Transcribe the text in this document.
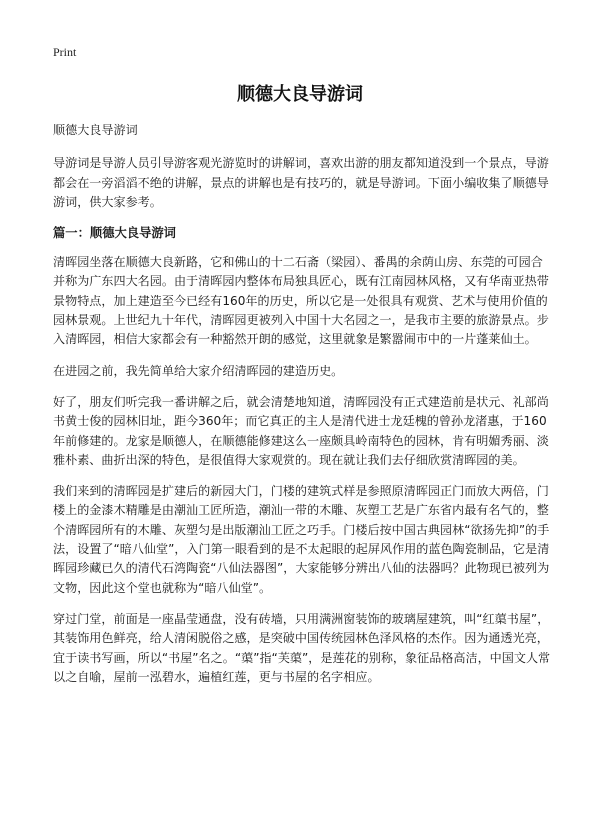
Print
顺德大良导游词

顺德大良导游词

导游词是导游人员引导游客观光游览时的讲解词，喜欢出游的朋友都知道没到一个景点，导游都会在一旁滔滔不绝的讲解，景点的讲解也是有技巧的，就是导游词。下面小编收集了顺德导游词，供大家参考。

篇一：顺德大良导游词

清晖园坐落在顺德大良新路，它和佛山的十二石斋（梁园）、番禺的余荫山房、东莞的可园合并称为广东四大名园。由于清晖园内整体布局独具匠心，既有江南园林风格，又有华南亚热带景物特点，加上建造至今已经有160年的历史，所以它是一处很具有观赏、艺术与使用价值的园林景观。上世纪九十年代，清晖园更被列入中国十大名园之一，是我市主要的旅游景点。步入清晖园，相信大家都会有一种豁然开朗的感觉，这里就象是繁嚣闹市中的一片蓬莱仙土。

在进园之前，我先简单给大家介绍清晖园的建造历史。

好了，朋友们听完我一番讲解之后，就会清楚地知道，清晖园没有正式建造前是状元、礼部尚书黄士俊的园林旧址，距今360年；而它真正的主人是清代进士龙廷槐的曾孙龙渚惠，于160年前修建的。龙家是顺德人，在顺德能修建这么一座颇具岭南特色的园林，肯有明媚秀丽、淡雅朴素、曲折出深的特色，是很值得大家观赏的。现在就让我们去仔细欣赏清晖园的美。

我们来到的清晖园是扩建后的新园大门，门楼的建筑式样是参照原清晖园正门而放大两倍，门楼上的金漆木精雕是由潮汕工匠所造，潮汕一带的木雕、灰塑工艺是广东省内最有名气的，整个清晖园所有的木雕、灰塑匀是出版潮汕工匠之巧手。门楼后按中国古典园林“欲扬先抑”的手法，设置了“暗八仙堂”，入门第一眼看到的是不太起眼的起屏风作用的蓝色陶瓷制品，它是清晖园珍藏已久的清代石湾陶瓷“八仙法器图”，大家能够分辨出八仙的法器吗？此物现已被列为文物，因此这个堂也就称为“暗八仙堂”。

穿过门堂，前面是一座晶莹通盘，没有砖墙，只用满洲窗装饰的玻璃屋建筑，叫“红蕖书屋”，其装饰用色鲜亮，给人清闲脱俗之感，是突破中国传统园林色泽风格的杰作。因为通透光亮，宜于读书写画，所以“书屋”名之。“蕖”指“芙蕖”，是莲花的别称，象征品格高洁，中国文人常以之自喻，屋前一泓碧水，遍植红莲，更与书屋的名字相应。
